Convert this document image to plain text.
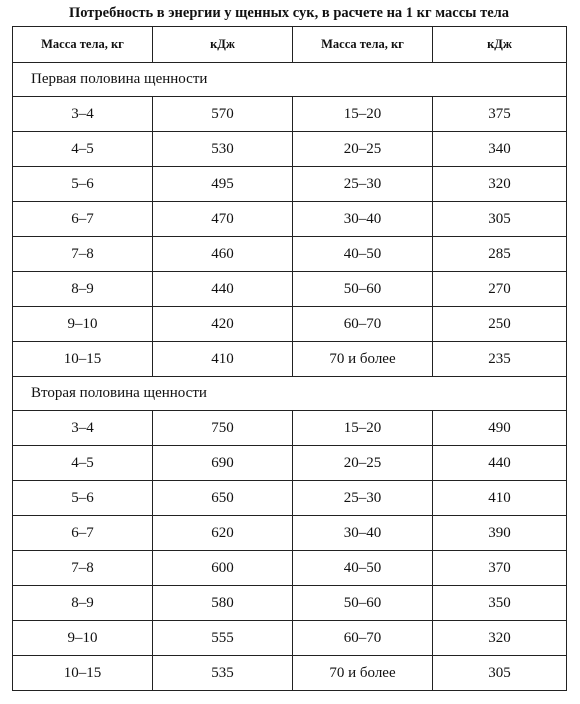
Потребность в энергии у щенных сук, в расчете на 1 кг массы тела
Масса тела, кг	кДж	Масса тела, кг	кДж
Первая половина щенности			
3–4	570	15–20	375
4–5	530	20–25	340
5–6	495	25–30	320
6–7	470	30–40	305
7–8	460	40–50	285
8–9	440	50–60	270
9–10	420	60–70	250
10–15	410	70 и более	235
Вторая половина щенности			
3–4	750	15–20	490
4–5	690	20–25	440
5–6	650	25–30	410
6–7	620	30–40	390
7–8	600	40–50	370
8–9	580	50–60	350
9–10	555	60–70	320
10–15	535	70 и более	305
